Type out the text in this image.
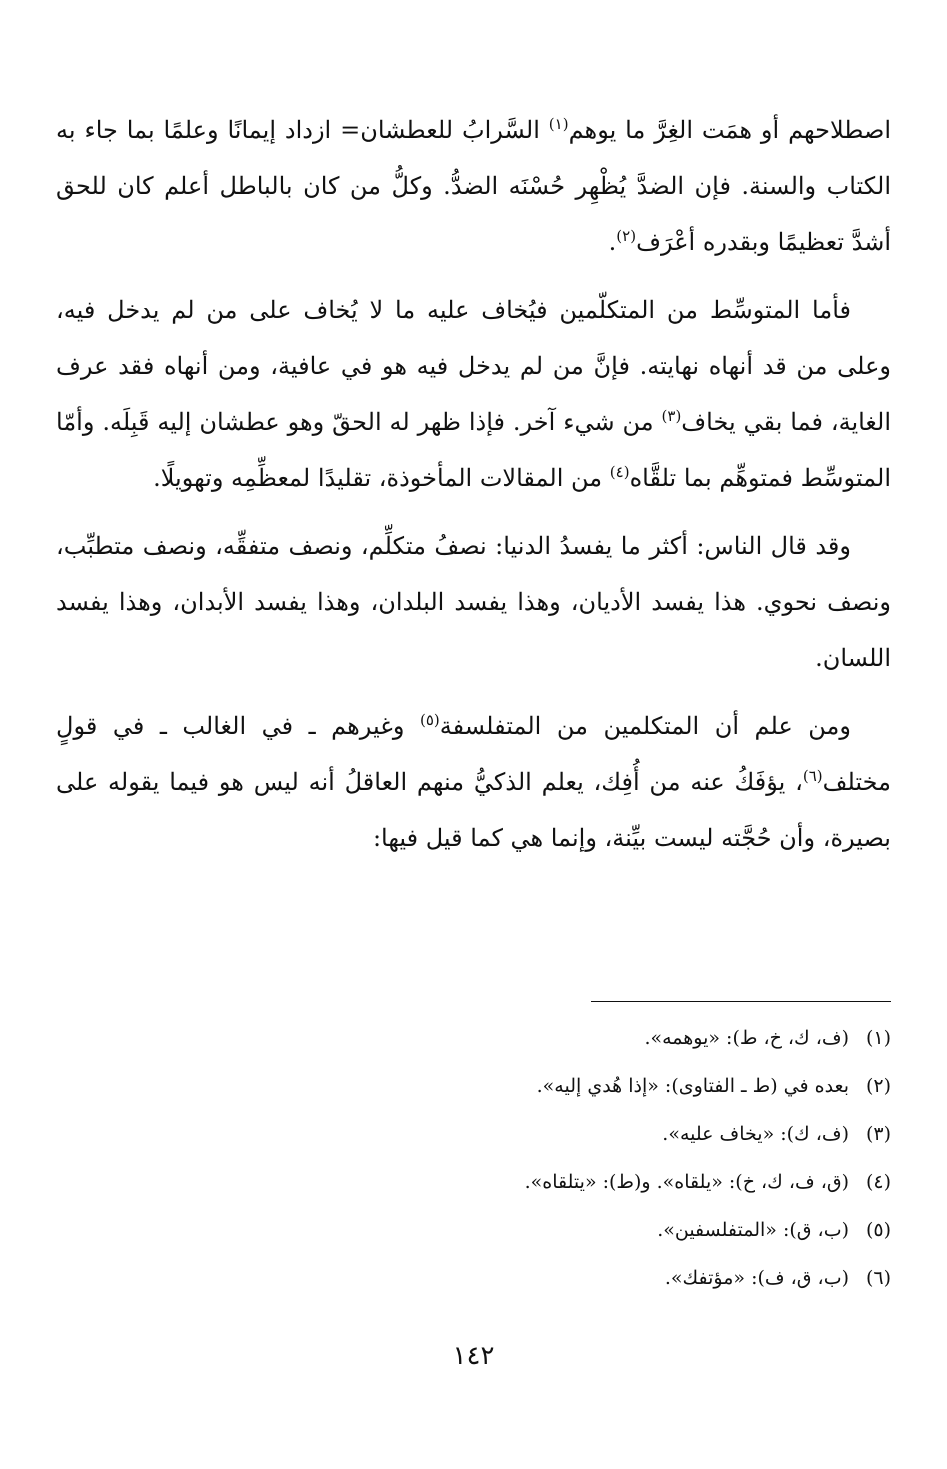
اصطلاحهم أو همَت الغِرَّ ما يوهم$^{(١)}$ السَّرابُ للعطشان= ازداد إيمانًا وعلمًا بما جاء به الكتاب والسنة. فإن الضدَّ يُظْهِر حُسْنَه الضدُّ. وكلُّ من كان بالباطل أعلم كان للحق أشدَّ تعظيمًا وبقدره أعْرَف$^{(٢)}$.

فأما المتوسِّط من المتكلّمين فيُخاف عليه ما لا يُخاف على من لم يدخل فيه، وعلى من قد أنهاه نهايته. فإنَّ من لم يدخل فيه هو في عافية، ومن أنهاه فقد عرف الغاية، فما بقي يخاف$^{(٣)}$ من شيء آخر. فإذا ظهر له الحقّ وهو عطشان إليه قَبِلَه. وأمّا المتوسِّط فمتوهِّم بما تلقَّاه$^{(٤)}$ من المقالات المأخوذة، تقليدًا لمعظِّمِه وتهويلًا.

وقد قال الناس: أكثر ما يفسدُ الدنيا: نصفُ متكلِّم، ونصف متفقِّه، ونصف متطبِّب، ونصف نحوي. هذا يفسد الأديان، وهذا يفسد البلدان، وهذا يفسد الأبدان، وهذا يفسد اللسان.

ومن علم أن المتكلمين من المتفلسفة$^{(٥)}$ وغيرهم ـ في الغالب ـ في قولٍ مختلف$^{(٦)}$، يؤفَكُ عنه من أُفِك، يعلم الذكيُّ منهم العاقلُ أنه ليس هو فيما يقوله على بصيرة، وأن حُجَّته ليست بيِّنة، وإنما هي كما قيل فيها:

(١)
(ف، ك، خ، ط): «يوهمه».
(٢)
بعده في (ط ـ الفتاوى): «إذا هُدي إليه».
(٣)
(ف، ك): «يخاف عليه».
(٤)
(ق، ف، ك، خ): «يلقاه». و(ط): «يتلقاه».
(٥)
(ب، ق): «المتفلسفين».
(٦)
(ب، ق، ف): «مؤتفك».
١٤٢
